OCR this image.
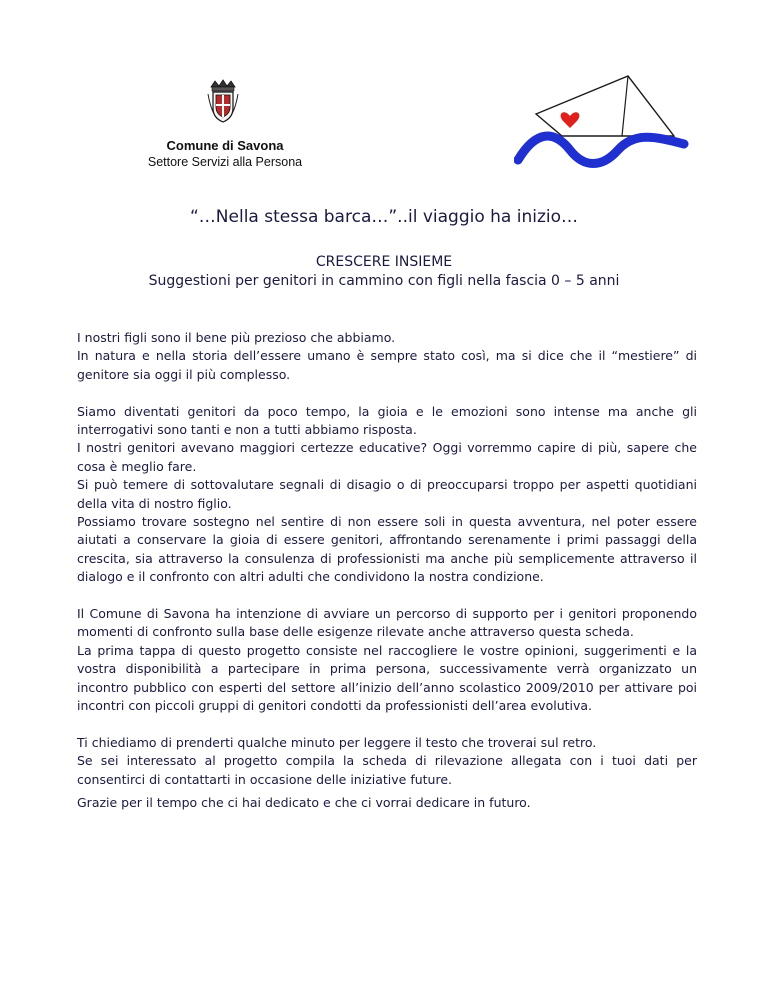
Comune di Savona
Settore Servizi alla Persona
“…Nella stessa barca…”..il viaggio ha inizio…
CRESCERE INSIEME
Suggestioni per genitori in cammino con figli nella fascia 0 – 5 anni
I nostri figli sono il bene più prezioso che abbiamo.
In natura e nella storia dell’essere umano è sempre stato così, ma si dice che il “mestiere” di genitore sia oggi il più complesso.
Siamo diventati genitori da poco tempo, la gioia e le emozioni sono intense ma anche gli interrogativi sono tanti e non a tutti abbiamo risposta.
I nostri genitori avevano maggiori certezze educative? Oggi vorremmo capire di più, sapere che cosa è meglio fare.
Si può temere di sottovalutare segnali di disagio o di preoccuparsi troppo per aspetti quotidiani della vita di nostro figlio.
Possiamo trovare sostegno nel sentire di non essere soli in questa avventura, nel poter essere aiutati a conservare la gioia di essere genitori, affrontando serenamente i primi passaggi della crescita, sia attraverso la consulenza di professionisti ma anche più semplicemente attraverso il dialogo e il confronto con altri adulti che condividono la nostra condizione.
Il Comune di Savona ha intenzione di avviare un percorso di supporto per i genitori proponendo momenti di confronto sulla base delle esigenze rilevate anche attraverso questa scheda.
La prima tappa di questo progetto consiste nel raccogliere le vostre opinioni, suggerimenti e la vostra disponibilità a partecipare in prima persona, successivamente verrà organizzato un incontro pubblico con esperti del settore all’inizio dell’anno scolastico 2009/2010 per attivare poi incontri con piccoli gruppi di genitori condotti da professionisti dell’area evolutiva.
Ti chiediamo di prenderti qualche minuto per leggere il testo che troverai sul retro.
Se sei interessato al progetto compila la scheda di rilevazione allegata con i tuoi dati per consentirci di contattarti in occasione delle iniziative future.
Grazie per il tempo che ci hai dedicato e che ci vorrai dedicare in futuro.
